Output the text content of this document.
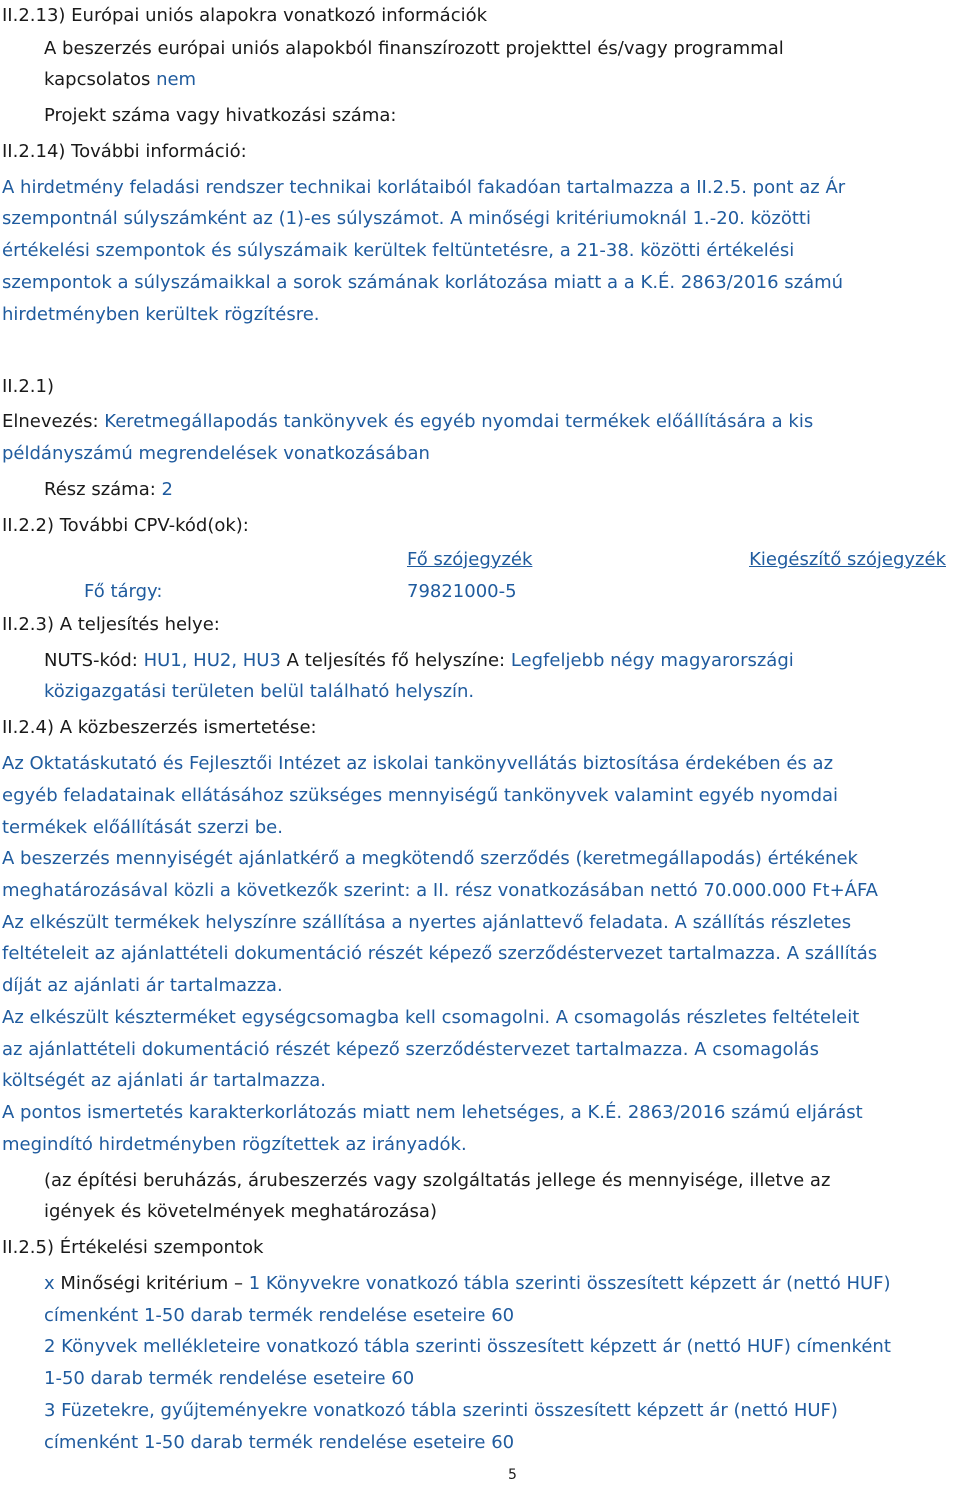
II.2.13) Európai uniós alapokra vonatkozó információk
A beszerzés európai uniós alapokból finanszírozott projekttel és/vagy programmal
kapcsolatos nem
Projekt száma vagy hivatkozási száma:
II.2.14) További információ:
A hirdetmény feladási rendszer technikai korlátaiból fakadóan tartalmazza a II.2.5. pont az Ár
szempontnál súlyszámként az (1)-es súlyszámot. A minőségi kritériumoknál 1.-20. közötti
értékelési szempontok és súlyszámaik kerültek feltüntetésre, a 21-38. közötti értékelési
szempontok a súlyszámaikkal a sorok számának korlátozása miatt a a K.É. 2863/2016 számú
hirdetményben kerültek rögzítésre.
II.2.1)
Elnevezés: Keretmegállapodás tankönyvek és egyéb nyomdai termékek előállítására a kis
példányszámú megrendelések vonatkozásában
Rész száma: 2
II.2.2) További CPV-kód(ok):
Fő szójegyzék	Kiegészítő szójegyzék
Fő tárgy:	79821000-5
II.2.3) A teljesítés helye:
NUTS-kód: HU1, HU2, HU3 A teljesítés fő helyszíne: Legfeljebb négy magyarországi
közigazgatási területen belül található helyszín.
II.2.4) A közbeszerzés ismertetése:
Az Oktatáskutató és Fejlesztői Intézet az iskolai tankönyvellátás biztosítása érdekében és az
egyéb feladatainak ellátásához szükséges mennyiségű tankönyvek valamint egyéb nyomdai
termékek előállítását szerzi be.
A beszerzés mennyiségét ajánlatkérő a megkötendő szerződés (keretmegállapodás) értékének
meghatározásával közli a következők szerint: a II. rész vonatkozásában nettó 70.000.000 Ft+ÁFA
Az elkészült termékek helyszínre szállítása a nyertes ajánlattevő feladata. A szállítás részletes
feltételeit az ajánlattételi dokumentáció részét képező szerződéstervezet tartalmazza. A szállítás
díját az ajánlati ár tartalmazza.
Az elkészült készterméket egységcsomagba kell csomagolni. A csomagolás részletes feltételeit
az ajánlattételi dokumentáció részét képező szerződéstervezet tartalmazza. A csomagolás
költségét az ajánlati ár tartalmazza.
A pontos ismertetés karakterkorlátozás miatt nem lehetséges, a K.É. 2863/2016 számú eljárást
megindító hirdetményben rögzítettek az irányadók.
(az építési beruházás, árubeszerzés vagy szolgáltatás jellege és mennyisége, illetve az
igények és követelmények meghatározása)
II.2.5) Értékelési szempontok
x Minőségi kritérium – 1 Könyvekre vonatkozó tábla szerinti összesített képzett ár (nettó HUF)
címenként 1-50 darab termék rendelése eseteire 60
2 Könyvek mellékleteire vonatkozó tábla szerinti összesített képzett ár (nettó HUF) címenként
1-50 darab termék rendelése eseteire 60
3 Füzetekre, gyűjteményekre vonatkozó tábla szerinti összesített képzett ár (nettó HUF)
címenként 1-50 darab termék rendelése eseteire 60
5
